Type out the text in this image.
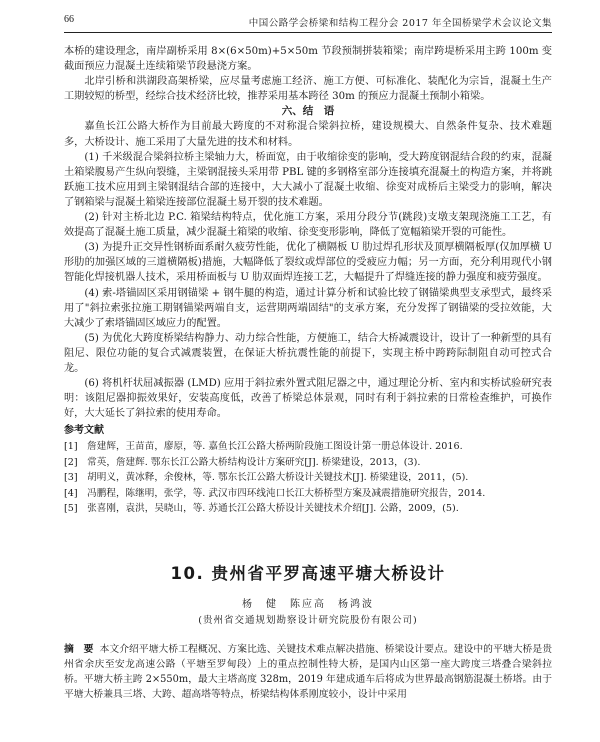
66	中国公路学会桥梁和结构工程分会 2017 年全国桥梁学术会议论文集

本桥的建设理念，南岸副桥采用 8×(6×50m)+5×50m 节段预制拼装箱梁；南岸跨堤桥采用主跨 100m 变截面预应力混凝土连续箱梁节段悬浇方案。

北岸引桥和洪湖段高架桥梁，应尽量考虑施工经济、施工方便、可标准化、装配化为宗旨，混凝土生产工期较短的桥型，经综合技术经济比较，推荐采用基本跨径 30m 的预应力混凝土预制小箱梁。

六、结　语

嘉鱼长江公路大桥作为目前最大跨度的不对称混合梁斜拉桥，建设规模大、自然条件复杂、技术难题多，大桥设计、施工采用了大量先进的技术和材料。

(1) 千米级混合梁斜拉桥主梁轴力大，桥面宽，由于收缩徐变的影响，受大跨度钢混结合段的约束，混凝土箱梁腹易产生纵向裂缝，主梁钢混接头采用带 PBL 键的多钢格室部分连接填充混凝土的构造方案，并将跳跃施工技术应用到主梁钢混结合部的连接中，大大减小了混凝土收缩、徐变对成桥后主梁受力的影响，解决了钢箱梁与混凝土箱梁连接部位混凝土易开裂的技术难题。

(2) 针对主桥北边 P.C. 箱梁结构特点，优化施工方案，采用分段分节(跳段)支墩支架现浇施工工艺，有效提高了混凝土施工质量，减少混凝土箱梁的收缩、徐变变形影响，降低了宽幅箱梁开裂的可能性。

(3) 为提升正交异性钢桥面系耐久疲劳性能，优化了横隔板 U 肋过焊孔形状及顶厚横隔板厚(仅加厚横 U 形肋的加强区域的三道横隔板)措施，大幅降低了裂纹或焊部位的受疲应力幅；另一方面，充分利用现代小钢智能化焊接机器人技术，采用桥面板与 U 肋双面焊连接工艺，大幅提升了焊缝连接的静力强度和疲劳强度。

(4) 索-塔锚固区采用钢锚梁 + 钢牛腿的构造，通过计算分析和试验比较了钢锚梁典型支承型式，最终采用了"斜拉索张拉施工期钢锚梁两端自支，运营期两端固结"的支承方案，充分发挥了钢锚梁的受拉效能，大大减少了索塔锚固区域应力的配置。

(5) 为优化大跨度桥梁结构静力、动力综合性能，方便施工，结合大桥减震设计，设计了一种新型的具有阻尼、限位功能的复合式减震装置，在保证大桥抗震性能的前提下，实现主桥中跨跨际制阻自动可控式合龙。

(6) 将机杆状屈减振器 (LMD) 应用于斜拉索外置式阻尼器之中，通过理论分析、室内和实桥试验研究表明：该阻尼器抑振效果好，安装高度低，改善了桥梁总体景观，同时有利于斜拉索的日常检查维护，可换作好，大大延长了斜拉索的使用寿命。

参考文献
[1]　詹建辉，王苗苗，廖原，等. 嘉鱼长江公路大桥两阶段施工图设计第一册总体设计. 2016.
[2]　常英，詹建辉. 鄂东长江公路大桥结构设计方案研究[J]. 桥梁建设，2013，(3).
[3]　胡明义，黄冰释，余俊林，等. 鄂东长江公路大桥设计关键技术[J]. 桥梁建设，2011，(5).
[4]　冯鹏程，陈继明，张学，等. 武汉市四环线沌口长江大桥桥型方案及减震措施研究报告，2014.
[5]　张喜刚，袁洪，吴晓山，等. 苏通长江公路大桥设计关键技术介绍[J]. 公路，2009，(5).
10. 贵州省平罗高速平塘大桥设计
杨　健　陈应高　杨鸿波
(贵州省交通规划勘察设计研究院股份有限公司)
摘　要 本文介绍平塘大桥工程概况、方案比选、关键技术难点解决措施、桥梁设计要点。建设中的平塘大桥是贵州省余庆至安龙高速公路（平塘至罗甸段）上的重点控制性特大桥，是国内山区第一座大跨度三塔叠合梁斜拉桥。平塘大桥主跨 2×550m，最大主塔高度 328m，2019 年建成通车后将成为世界最高钢筋混凝土桥塔。由于平塘大桥兼具三塔、大跨、超高塔等特点，桥梁结构体系刚度较小，设计中采用
